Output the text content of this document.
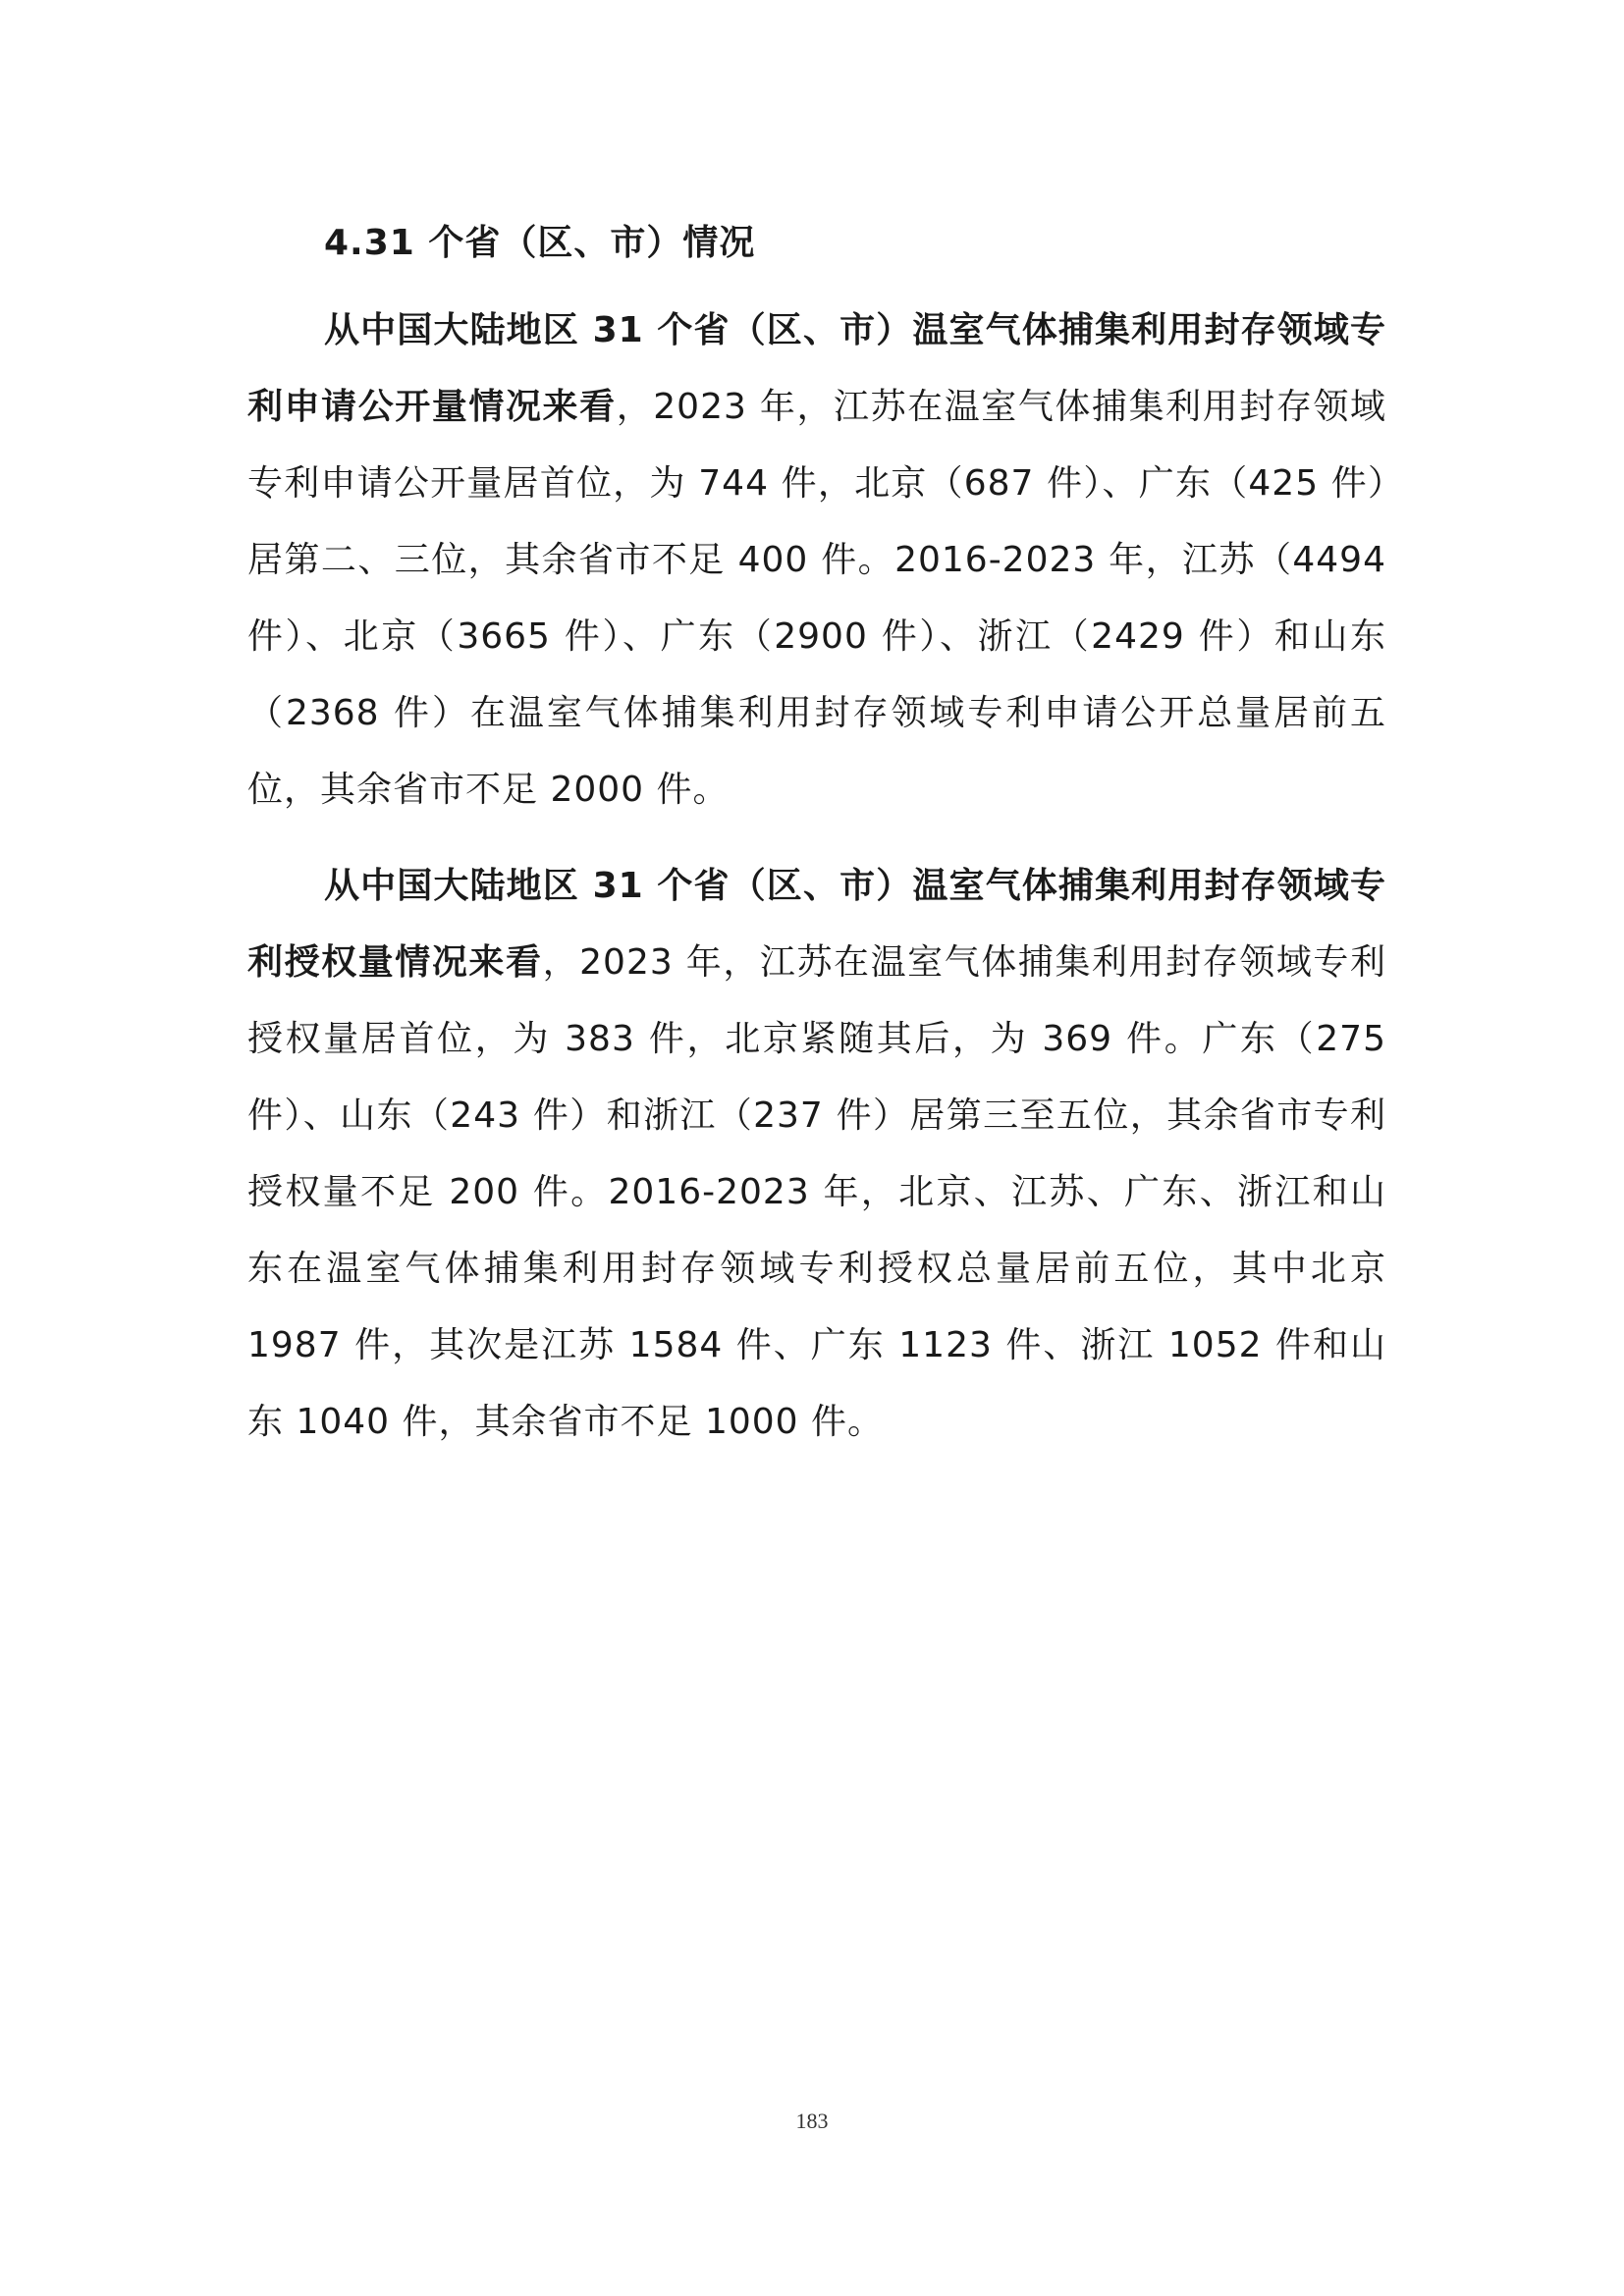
4.31 个省（区、市）情况

从中国大陆地区 31 个省（区、市）温室气体捕集利用封存领域专利申请公开量情况来看，2023 年，江苏在温室气体捕集利用封存领域专利申请公开量居首位，为 744 件，北京（687 件）、广东（425 件）居第二、三位，其余省市不足 400 件。2016-2023 年，江苏（4494 件）、北京（3665 件）、广东（2900 件）、浙江（2429 件）和山东（2368 件）在温室气体捕集利用封存领域专利申请公开总量居前五位，其余省市不足 2000 件。

从中国大陆地区 31 个省（区、市）温室气体捕集利用封存领域专利授权量情况来看，2023 年，江苏在温室气体捕集利用封存领域专利授权量居首位，为 383 件，北京紧随其后，为 369 件。广东（275 件）、山东（243 件）和浙江（237 件）居第三至五位，其余省市专利授权量不足 200 件。2016-2023 年，北京、江苏、广东、浙江和山东在温室气体捕集利用封存领域专利授权总量居前五位，其中北京 1987 件，其次是江苏 1584 件、广东 1123 件、浙江 1052 件和山东 1040 件，其余省市不足 1000 件。

183
